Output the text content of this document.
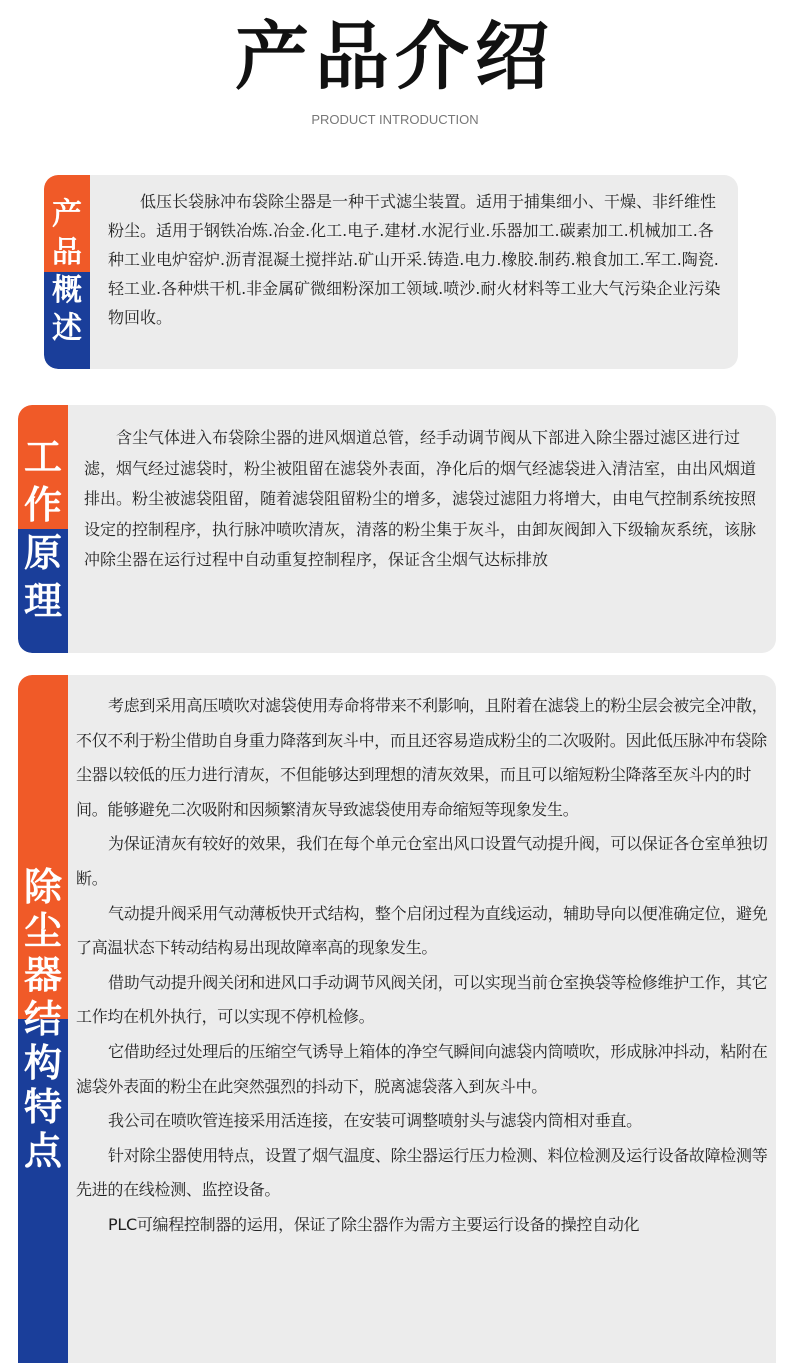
产品介绍
PRODUCT INTRODUCTION
产
品
概
述

低压长袋脉冲布袋除尘器是一种干式滤尘装置。适用于捕集细小、干燥、非纤维性粉尘。适用于钢铁冶炼.冶金.化工.电子.建材.水泥行业.乐器加工.碳素加工.机械加工.各种工业电炉窑炉.沥青混凝土搅拌站.矿山开采.铸造.电力.橡胶.制药.粮食加工.军工.陶瓷.轻工业.各种烘干机.非金属矿微细粉深加工领域.喷沙.耐火材料等工业大气污染企业污染物回收。

工
作
原
理

含尘气体进入布袋除尘器的进风烟道总管，经手动调节阀从下部进入除尘器过滤区进行过滤，烟气经过滤袋时，粉尘被阻留在滤袋外表面，净化后的烟气经滤袋进入清洁室，由出风烟道排出。粉尘被滤袋阻留，随着滤袋阻留粉尘的增多，滤袋过滤阻力将增大，由电气控制系统按照设定的控制程序，执行脉冲喷吹清灰，清落的粉尘集于灰斗，由卸灰阀卸入下级输灰系统，该脉冲除尘器在运行过程中自动重复控制程序，保证含尘烟气达标排放

除
尘
器
结
构
特
点

考虑到采用高压喷吹对滤袋使用寿命将带来不利影响，且附着在滤袋上的粉尘层会被完全冲散，不仅不利于粉尘借助自身重力降落到灰斗中，而且还容易造成粉尘的二次吸附。因此低压脉冲布袋除尘器以较低的压力进行清灰，不但能够达到理想的清灰效果，而且可以缩短粉尘降落至灰斗内的时间。能够避免二次吸附和因频繁清灰导致滤袋使用寿命缩短等现象发生。

为保证清灰有较好的效果，我们在每个单元仓室出风口设置气动提升阀，可以保证各仓室单独切断。

气动提升阀采用气动薄板快开式结构，整个启闭过程为直线运动，辅助导向以便准确定位，避免了高温状态下转动结构易出现故障率高的现象发生。

借助气动提升阀关闭和进风口手动调节风阀关闭，可以实现当前仓室换袋等检修维护工作，其它工作均在机外执行，可以实现不停机检修。

它借助经过处理后的压缩空气诱导上箱体的净空气瞬间向滤袋内筒喷吹，形成脉冲抖动，粘附在滤袋外表面的粉尘在此突然强烈的抖动下，脱离滤袋落入到灰斗中。

我公司在喷吹管连接采用活连接，在安装可调整喷射头与滤袋内筒相对垂直。

针对除尘器使用特点，设置了烟气温度、除尘器运行压力检测、料位检测及运行设备故障检测等先进的在线检测、监控设备。

PLC可编程控制器的运用，保证了除尘器作为需方主要运行设备的操控自动化
